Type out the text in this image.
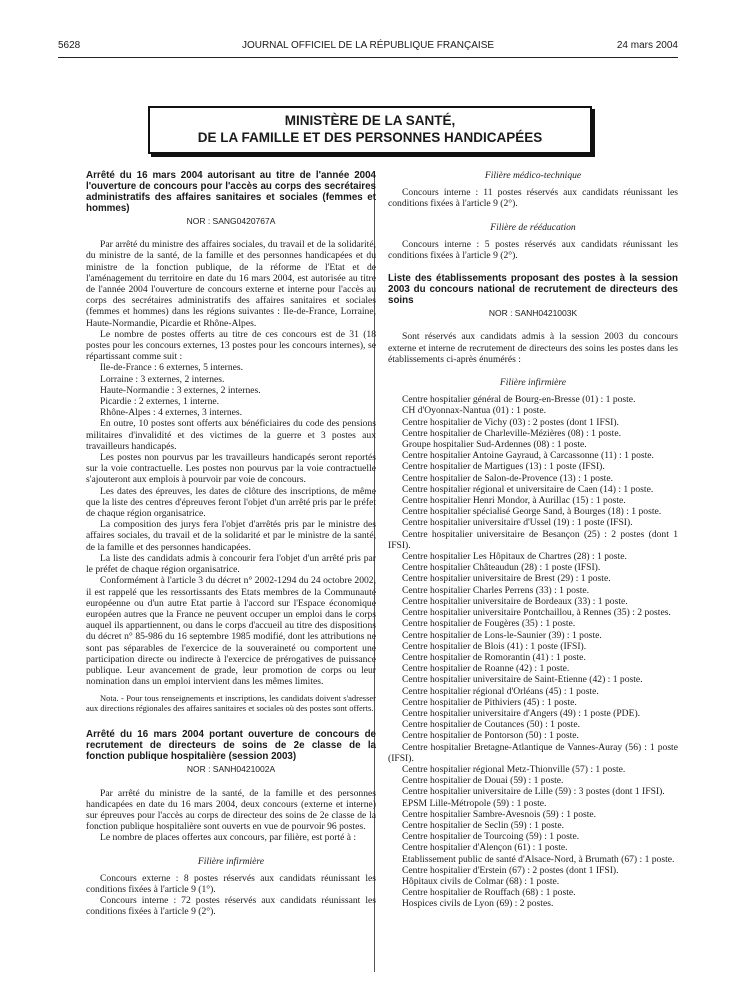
5628	JOURNAL OFFICIEL DE LA RÉPUBLIQUE FRANÇAISE	24 mars 2004
MINISTÈRE DE LA SANTÉ,
DE LA FAMILLE ET DES PERSONNES HANDICAPÉES
Arrêté du 16 mars 2004 autorisant au titre de l'année 2004 l'ouverture de concours pour l'accès au corps des secrétaires administratifs des affaires sanitaires et sociales (femmes et hommes)
NOR : SANG0420767A

Par arrêté du ministre des affaires sociales, du travail et de la solidarité, du ministre de la santé, de la famille et des personnes handicapées et du ministre de la fonction publique, de la réforme de l'Etat et de l'aménagement du territoire en date du 16 mars 2004, est autorisée au titre de l'année 2004 l'ouverture de concours externe et interne pour l'accès au corps des secrétaires administratifs des affaires sanitaires et sociales (femmes et hommes) dans les régions suivantes : Ile-de-France, Lorraine, Haute-Normandie, Picardie et Rhône-Alpes.

Le nombre de postes offerts au titre de ces concours est de 31 (18 postes pour les concours externes, 13 postes pour les concours internes), se répartissant comme suit :

Ile-de-France : 6 externes, 5 internes.

Lorraine : 3 externes, 2 internes.

Haute-Normandie : 3 externes, 2 internes.

Picardie : 2 externes, 1 interne.

Rhône-Alpes : 4 externes, 3 internes.

En outre, 10 postes sont offerts aux bénéficiaires du code des pensions militaires d'invalidité et des victimes de la guerre et 3 postes aux travailleurs handicapés.

Les postes non pourvus par les travailleurs handicapés seront reportés sur la voie contractuelle. Les postes non pourvus par la voie contractuelle s'ajouteront aux emplois à pourvoir par voie de concours.

Les dates des épreuves, les dates de clôture des inscriptions, de même que la liste des centres d'épreuves feront l'objet d'un arrêté pris par le préfet de chaque région organisatrice.

La composition des jurys fera l'objet d'arrêtés pris par le ministre des affaires sociales, du travail et de la solidarité et par le ministre de la santé, de la famille et des personnes handicapées.

La liste des candidats admis à concourir fera l'objet d'un arrêté pris par le préfet de chaque région organisatrice.

Conformément à l'article 3 du décret n° 2002-1294 du 24 octobre 2002, il est rappelé que les ressortissants des Etats membres de la Communauté européenne ou d'un autre Etat partie à l'accord sur l'Espace économique européen autres que la France ne peuvent occuper un emploi dans le corps auquel ils appartiennent, ou dans le corps d'accueil au titre des dispositions du décret n° 85-986 du 16 septembre 1985 modifié, dont les attributions ne sont pas séparables de l'exercice de la souveraineté ou comportent une participation directe ou indirecte à l'exercice de prérogatives de puissance publique. Leur avancement de grade, leur promotion de corps ou leur nomination dans un emploi intervient dans les mêmes limites.

Nota. - Pour tous renseignements et inscriptions, les candidats doivent s'adresser aux directions régionales des affaires sanitaires et sociales où des postes sont offerts.

Arrêté du 16 mars 2004 portant ouverture de concours de recrutement de directeurs de soins de 2e classe de la fonction publique hospitalière (session 2003)
NOR : SANH0421002A

Par arrêté du ministre de la santé, de la famille et des personnes handicapées en date du 16 mars 2004, deux concours (externe et interne) sur épreuves pour l'accès au corps de directeur des soins de 2e classe de la fonction publique hospitalière sont ouverts en vue de pourvoir 96 postes.

Le nombre de places offertes aux concours, par filière, est porté à :

Filière infirmière

Concours externe : 8 postes réservés aux candidats réunissant les conditions fixées à l'article 9 (1°).

Concours interne : 72 postes réservés aux candidats réunissant les conditions fixées à l'article 9 (2°).

Filière médico-technique

Concours interne : 11 postes réservés aux candidats réunissant les conditions fixées à l'article 9 (2°).

Filière de rééducation

Concours interne : 5 postes réservés aux candidats réunissant les conditions fixées à l'article 9 (2°).

Liste des établissements proposant des postes à la session 2003 du concours national de recrutement de directeurs des soins
NOR : SANH0421003K

Sont réservés aux candidats admis à la session 2003 du concours externe et interne de recrutement de directeurs des soins les postes dans les établissements ci-après énumérés :

Filière infirmière

Centre hospitalier général de Bourg-en-Bresse (01) : 1 poste.

CH d'Oyonnax-Nantua (01) : 1 poste.

Centre hospitalier de Vichy (03) : 2 postes (dont 1 IFSI).

Centre hospitalier de Charleville-Mézières (08) : 1 poste.

Groupe hospitalier Sud-Ardennes (08) : 1 poste.

Centre hospitalier Antoine Gayraud, à Carcassonne (11) : 1 poste.

Centre hospitalier de Martigues (13) : 1 poste (IFSI).

Centre hospitalier de Salon-de-Provence (13) : 1 poste.

Centre hospitalier régional et universitaire de Caen (14) : 1 poste.

Centre hospitalier Henri Mondor, à Aurillac (15) : 1 poste.

Centre hospitalier spécialisé George Sand, à Bourges (18) : 1 poste.

Centre hospitalier universitaire d'Ussel (19) : 1 poste (IFSI).

Centre hospitalier universitaire de Besançon (25) : 2 postes (dont 1 IFSI).

Centre hospitalier Les Hôpitaux de Chartres (28) : 1 poste.

Centre hospitalier Châteaudun (28) : 1 poste (IFSI).

Centre hospitalier universitaire de Brest (29) : 1 poste.

Centre hospitalier Charles Perrens (33) : 1 poste.

Centre hospitalier universitaire de Bordeaux (33) : 1 poste.

Centre hospitalier universitaire Pontchaillou, à Rennes (35) : 2 postes.

Centre hospitalier de Fougères (35) : 1 poste.

Centre hospitalier de Lons-le-Saunier (39) : 1 poste.

Centre hospitalier de Blois (41) : 1 poste (IFSI).

Centre hospitalier de Romorantin (41) : 1 poste.

Centre hospitalier de Roanne (42) : 1 poste.

Centre hospitalier universitaire de Saint-Etienne (42) : 1 poste.

Centre hospitalier régional d'Orléans (45) : 1 poste.

Centre hospitalier de Pithiviers (45) : 1 poste.

Centre hospitalier universitaire d'Angers (49) : 1 poste (PDE).

Centre hospitalier de Coutances (50) : 1 poste.

Centre hospitalier de Pontorson (50) : 1 poste.

Centre hospitalier Bretagne-Atlantique de Vannes-Auray (56) : 1 poste (IFSI).

Centre hospitalier régional Metz-Thionville (57) : 1 poste.

Centre hospitalier de Douai (59) : 1 poste.

Centre hospitalier universitaire de Lille (59) : 3 postes (dont 1 IFSI).

EPSM Lille-Métropole (59) : 1 poste.

Centre hospitalier Sambre-Avesnois (59) : 1 poste.

Centre hospitalier de Seclin (59) : 1 poste.

Centre hospitalier de Tourcoing (59) : 1 poste.

Centre hospitalier d'Alençon (61) : 1 poste.

Etablissement public de santé d'Alsace-Nord, à Brumath (67) : 1 poste.

Centre hospitalier d'Erstein (67) : 2 postes (dont 1 IFSI).

Hôpitaux civils de Colmar (68) : 1 poste.

Centre hospitalier de Rouffach (68) : 1 poste.

Hospices civils de Lyon (69) : 2 postes.
